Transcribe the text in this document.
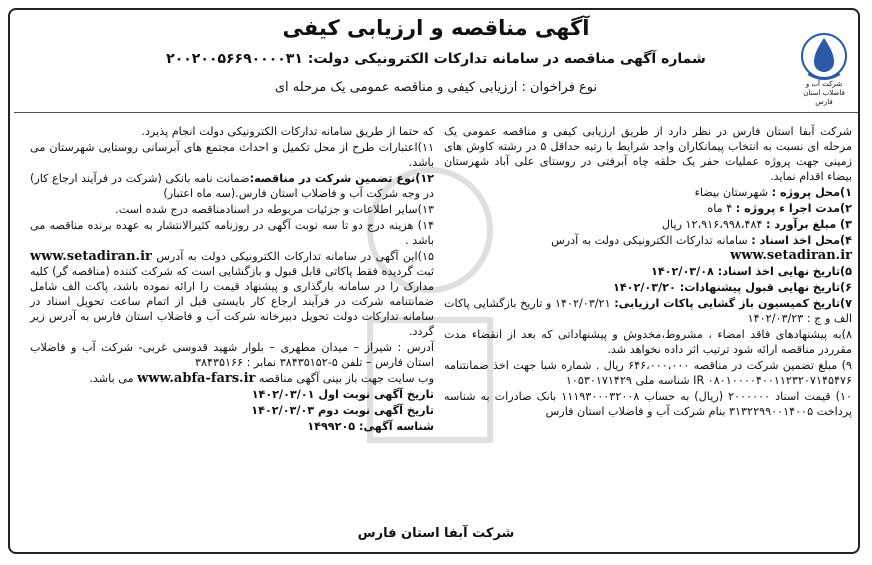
شرکت آب و فاضلاب استان فارس
آگهی مناقصه و ارزیابی کیفی
شماره آگهی مناقصه در سامانه تدارکات الکترونیکی دولت: ۲۰۰۲۰۰۵۶۶۹۰۰۰۰۳۱
نوع فراخوان : ارزیابی کیفی و مناقصه عمومی یک مرحله ای

شرکت آبفا استان فارس در نظر دارد از طریق ارزیابی کیفی و مناقصه عمومی یک مرحله ای نسبت به انتخاب پیمانکاران واجد شرایط با رتبه حداقل ۵ در رشته کاوش های زمینی جهت پروژه عملیات حفر یک حلقه چاه آبرفتی در روستای علی آباد شهرستان بیضاء اقدام نماید.

۱)محل پروژه : شهرستان بیضاء

۲)مدت اجرا ء پروژه : ۴ ماه

۳) مبلغ برآورد : ۱۲،۹۱۶،۹۹۸،۴۸۴ ریال

۴)محل اخذ اسناد : سامانه تدارکات الکترونیکی دولت به آدرس
www.setadiran.ir

۵)تاریخ نهایی اخذ اسناد: ۱۴۰۲/۰۳/۰۸

۶)تاریخ نهایی قبول پیشنهادات: ۱۴۰۲/۰۳/۲۰

۷)تاریخ کمیسیون باز گشایی پاکات ارزیابی: ۱۴۰۲/۰۳/۲۱ و تاریخ بازگشایی پاکات الف و ج : ۱۴۰۲/۰۳/۲۳

۸)به پیشنهادهای فاقد امضاء ، مشروط،مخدوش و پیشنهاداتی که بعد از انقضاء مدت مقرردر مناقصه ارائه شود ترتیب اثر داده نخواهد شد.

۹) مبلغ تضمین شرکت در مناقصه ۶۴۶،۰۰۰،۰۰۰ ریال . شماره شبا جهت اخذ ضمانتنامه IR ۰۸۰۱۰۰۰۰۴۰۰۱۱۲۳۲۰۷۱۴۵۴۷۶ شناسه ملی ۱۰۵۳۰۱۷۱۴۲۹

۱۰) قیمت اسناد ۲۰۰۰۰۰۰ (ریال) به حساب ۱۱۱۹۳۰۰۰۳۲۰۰۸ بانک صادرات به شناسه پرداخت ۳۱۳۲۲۹۹۰۰۱۴۰۰۵ بنام شرکت آب و فاضلاب استان فارس

که حتما از طریق سامانه تدارکات الکترونیکی دولت انجام پذیرد.

۱۱)اعتبارات طرح از محل تکمیل و احداث مجتمع های آبرسانی روستایی شهرستان می باشد.

۱۲)نوع تضمین شرکت در مناقصه:ضمانت نامه بانکی (شرکت در فرآیند ارجاع کار) در وجه شرکت آب و فاضلاب استان فارس.(سه ماه اعتبار)

۱۳)سایر اطلاعات و جزئیات مربوطه در اسنادمناقصه درج شده است.

۱۴) هزینه درج دو تا سه نوبت آگهی در روزنامه کثیرالانتشار به عهده برنده مناقصه می باشد .

۱۵)این آگهی در سامانه تدارکات الکترونیکی دولت به آدرس www.setadiran.ir ثبت گردیده فقط پاکاتی قابل قبول و بازگشایی است که شرکت کننده (مناقصه گر) کلیه مدارک را در سامانه بارگذاری و پیشنهاد قیمت را ارائه نموده باشد، پاکت الف شامل ضمانتنامه شرکت در فرآیند ارجاع کار بایستی قبل از اتمام ساعت تحویل اسناد در سامانه تدارکات دولت تحویل دبیرخانه شرکت آب و فاضلاب استان فارس به آدرس زیر گردد.

آدرس : شیراز – میدان مطهری – بلوار شهید قدوسی غربی- شرکت آب و فاضلاب استان فارس – تلفن ۵-۳۸۴۳۵۱۵۲ نمابر : ۳۸۴۳۵۱۶۶

وب سایت جهت باز بینی آگهی مناقصه www.abfa-fars.ir می باشد.

تاریخ آگهی نوبت اول ۱۴۰۲/۰۳/۰۱

تاریخ آگهی نوبت دوم ۱۴۰۲/۰۳/۰۳

شناسه آگهی: ۱۴۹۹۲۰۵

شرکت آبفا استان فارس
